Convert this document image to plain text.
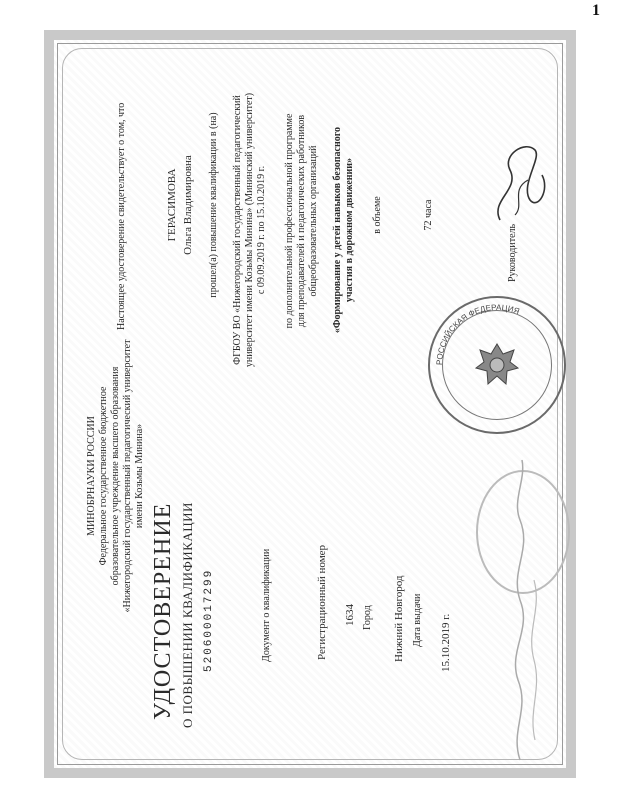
1
МИНОБРНАУКИ РОССИИ Федеральное государственное бюджетное образовательное учреждение высшего образования «Нижегородский государственный педагогический университет имени Козьмы Минина»
УДОСТОВЕРЕНИЕ О ПОВЫШЕНИИ КВАЛИФИКАЦИИ 520600017299	Документ о квалификации	Регистрационный номер 1634 Город Нижний Новгород Дата выдачи 15.10.2019 г.
Настоящее удостоверение свидетельствует о том, что	ГЕРАСИМОВА Ольга Владимировна прошел(а) повышение квалификации в (на) ФГБОУ ВО «Нижегородский государственный педагогический университет имени Козьмы Минина» (Мининский университет) с 09.09.2019 г. по 15.10.2019 г. по дополнительной профессиональной программе для преподавателей и педагогических работников общеобразовательных организаций «Формирование у детей навыков безопасного участия в дорожном движении» в объеме	72 часа
Руководитель
РОССИЙСКАЯ ФЕДЕРАЦИЯ
